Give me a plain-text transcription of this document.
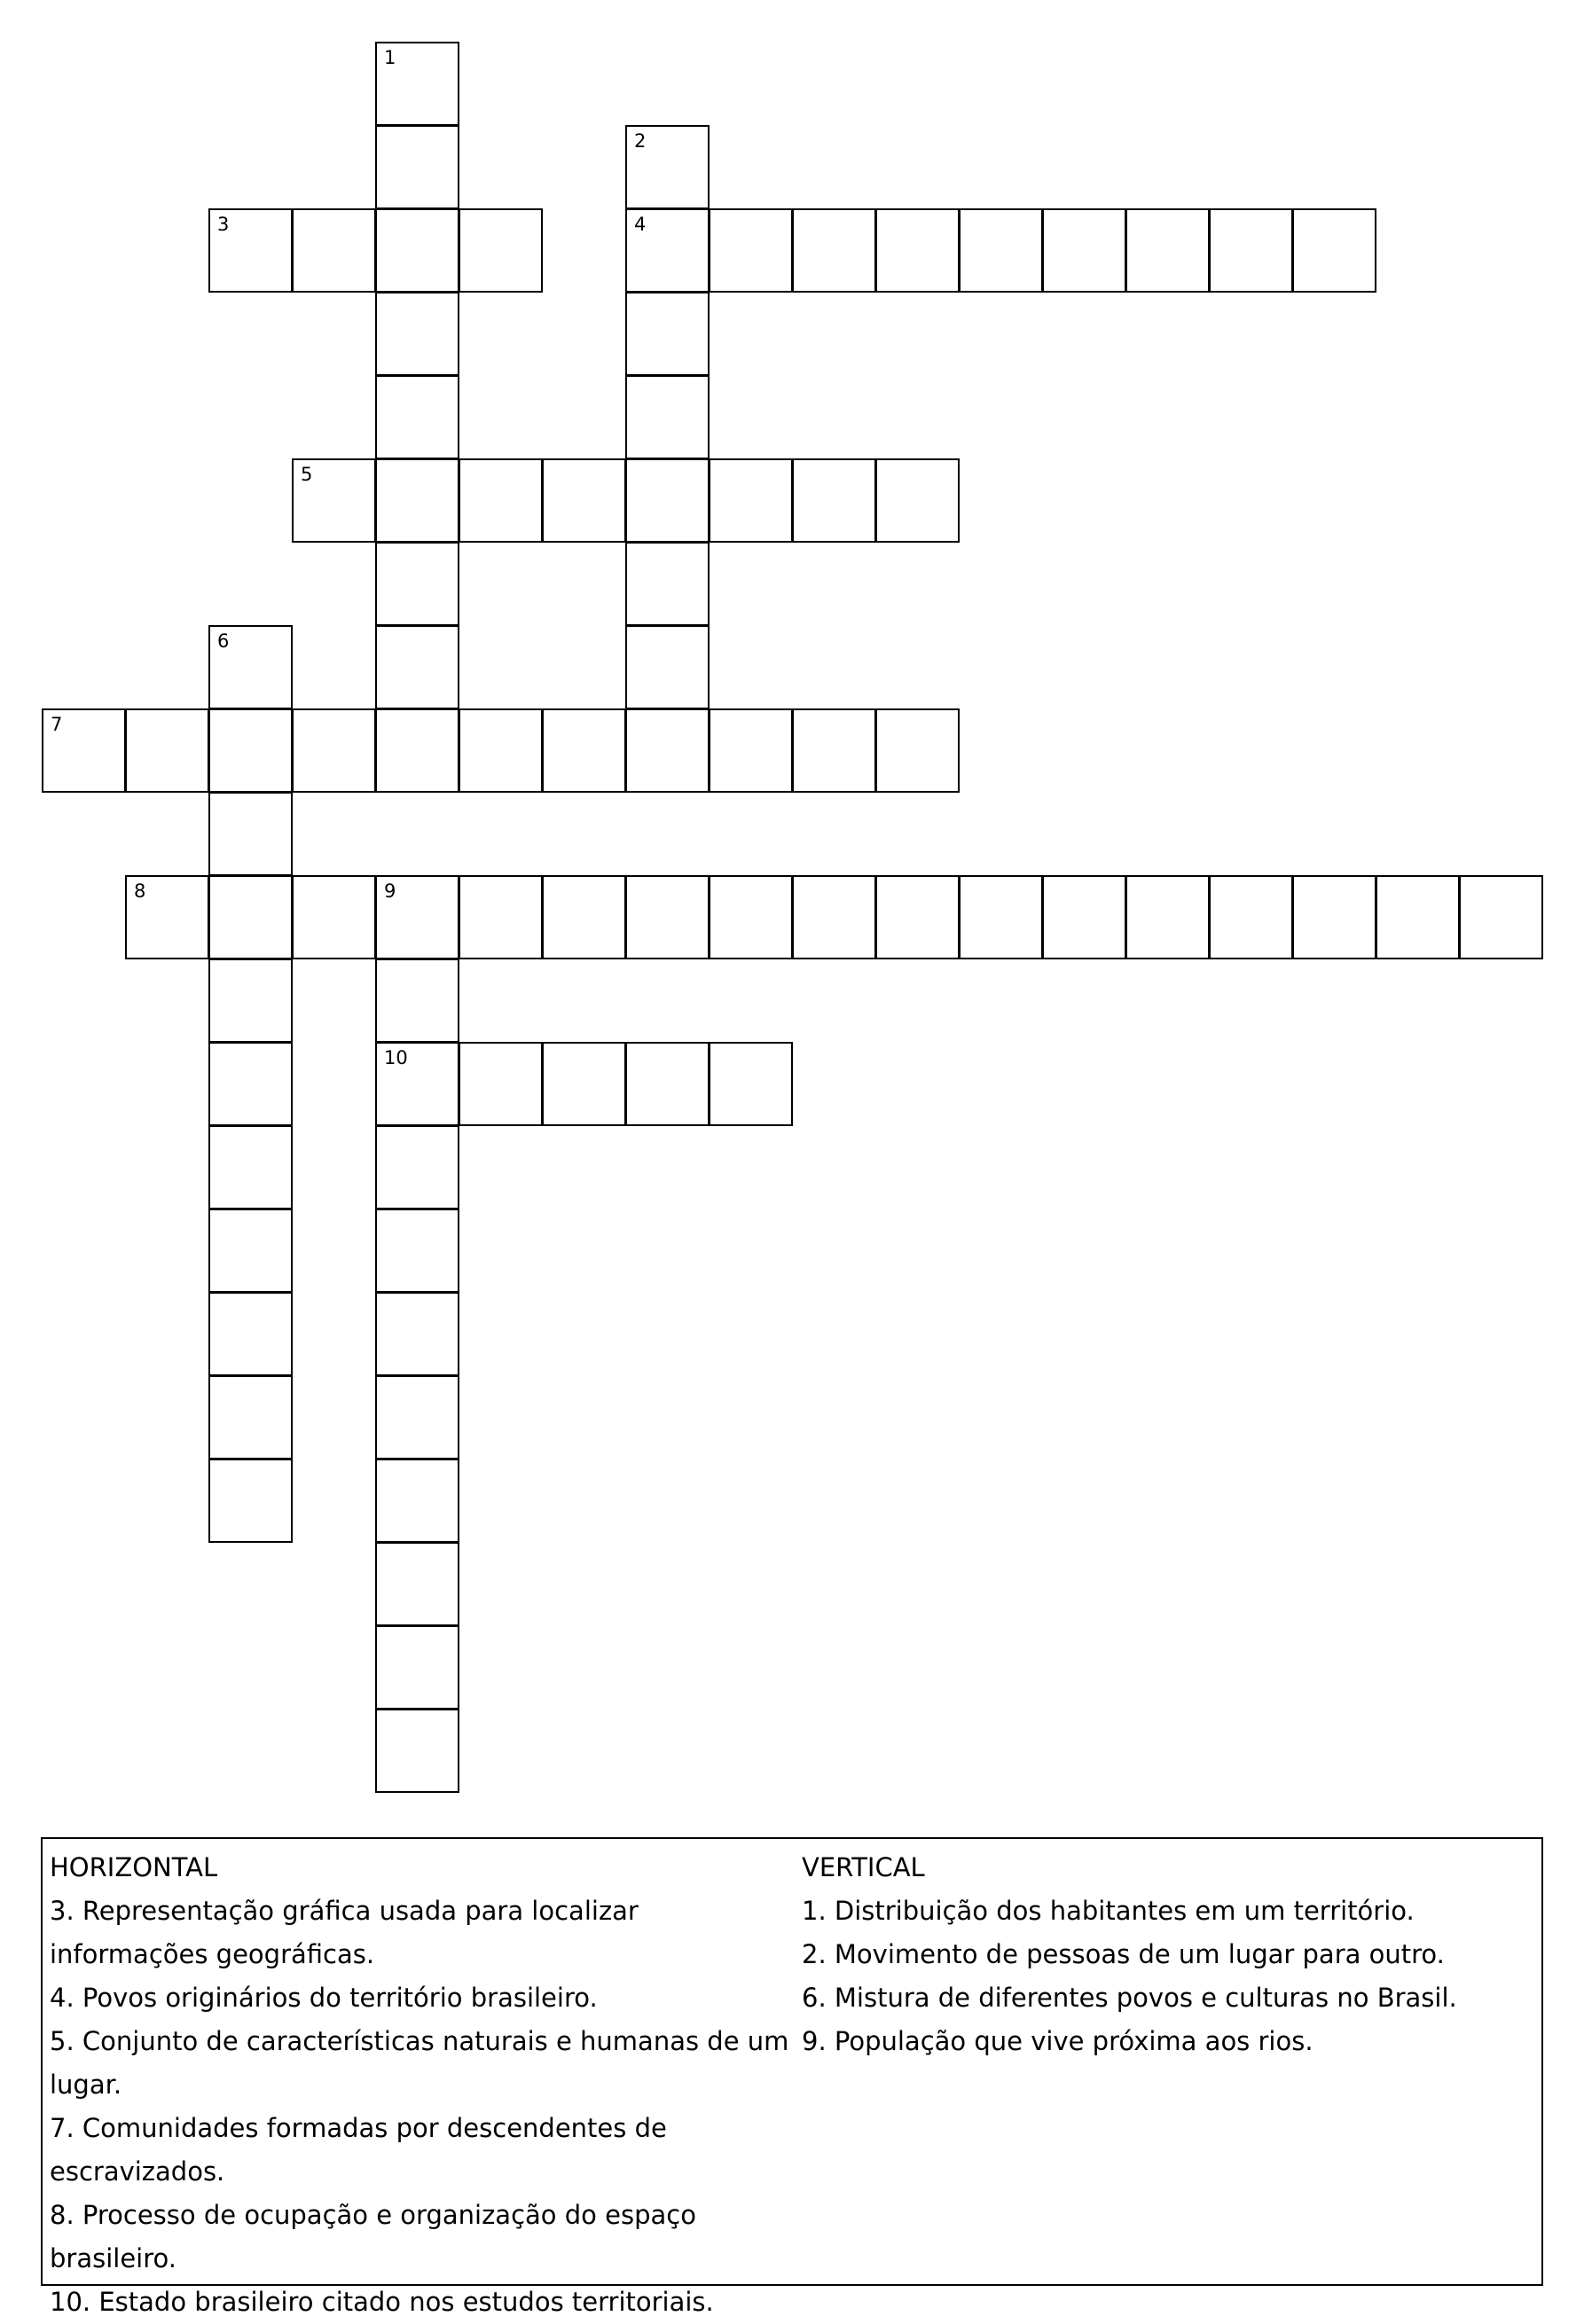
1
2
4
3
5
6
7
8	9
10
HORIZONTAL
3. Representação gráfica usada para localizar informações geográficas.
4. Povos originários do território brasileiro.
5. Conjunto de características naturais e humanas de um lugar.
7. Comunidades formadas por descendentes de escravizados.
8. Processo de ocupação e organização do espaço brasileiro.
10. Estado brasileiro citado nos estudos territoriais.
VERTICAL
1. Distribuição dos habitantes em um território.
2. Movimento de pessoas de um lugar para outro.
6. Mistura de diferentes povos e culturas no Brasil.
9. População que vive próxima aos rios.
